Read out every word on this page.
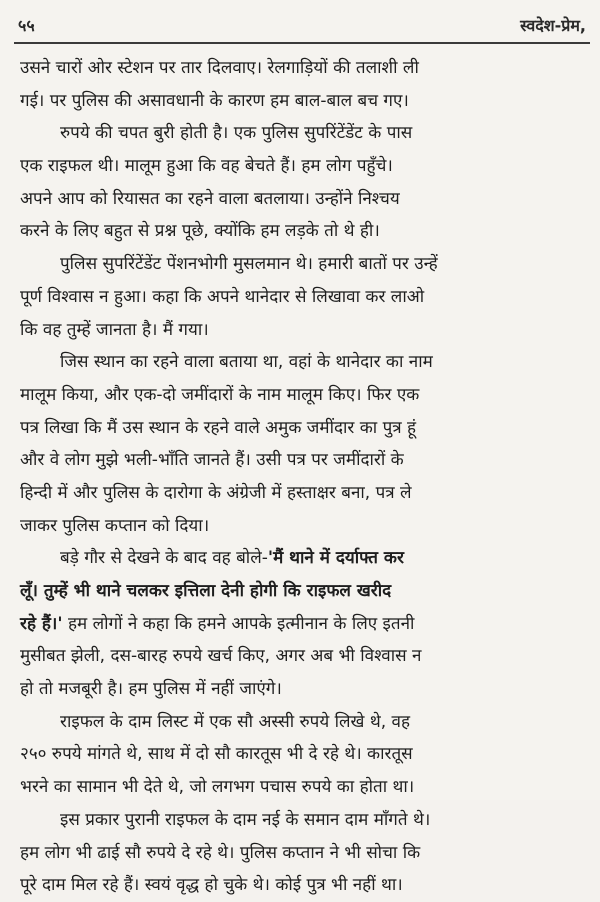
५५	स्वदेश-प्रेम,
उसने चारों ओर स्टेशन पर तार दिलवाए। रेलगाड़ियों की तलाशी ली
गई। पर पुलिस की असावधानी के कारण हम बाल-बाल बच गए।
रुपये की चपत बुरी होती है। एक पुलिस सुपरिंटेंडेंट के पास
एक राइफल थी। मालूम हुआ कि वह बेचते हैं। हम लोग पहुँचे।
अपने आप को रियासत का रहने वाला बतलाया। उन्होंने निश्चय
करने के लिए बहुत से प्रश्न पूछे, क्योंकि हम लड़के तो थे ही।
पुलिस सुपरिंटेंडेंट पेंशनभोगी मुसलमान थे। हमारी बातों पर उन्हें
पूर्ण विश्वास न हुआ। कहा कि अपने थानेदार से लिखावा कर लाओ
कि वह तुम्हें जानता है। मैं गया।
जिस स्थान का रहने वाला बताया था, वहां के थानेदार का नाम
मालूम किया, और एक-दो जमींदारों के नाम मालूम किए। फिर एक
पत्र लिखा कि मैं उस स्थान के रहने वाले अमुक जमींदार का पुत्र हूं
और वे लोग मुझे भली-भाँति जानते हैं। उसी पत्र पर जमींदारों के
हिन्दी में और पुलिस के दारोगा के अंग्रेजी में हस्ताक्षर बना, पत्र ले
जाकर पुलिस कप्तान को दिया।
बड़े गौर से देखने के बाद वह बोले-'मैं थाने में दर्याफ्त कर
लूँ। तुम्हें भी थाने चलकर इत्तिला देनी होगी कि राइफल खरीद
रहे हैं।' हम लोगों ने कहा कि हमने आपके इत्मीनान के लिए इतनी
मुसीबत झेली, दस-बारह रुपये खर्च किए, अगर अब भी विश्वास न
हो तो मजबूरी है। हम पुलिस में नहीं जाएंगे।
राइफल के दाम लिस्ट में एक सौ अस्सी रुपये लिखे थे, वह
२५० रुपये मांगते थे, साथ में दो सौ कारतूस भी दे रहे थे। कारतूस
भरने का सामान भी देते थे, जो लगभग पचास रुपये का होता था।
इस प्रकार पुरानी राइफल के दाम नई के समान दाम माँगते थे।
हम लोग भी ढाई सौ रुपये दे रहे थे। पुलिस कप्तान ने भी सोचा कि
पूरे दाम मिल रहे हैं। स्वयं वृद्ध हो चुके थे। कोई पुत्र भी नहीं था।
